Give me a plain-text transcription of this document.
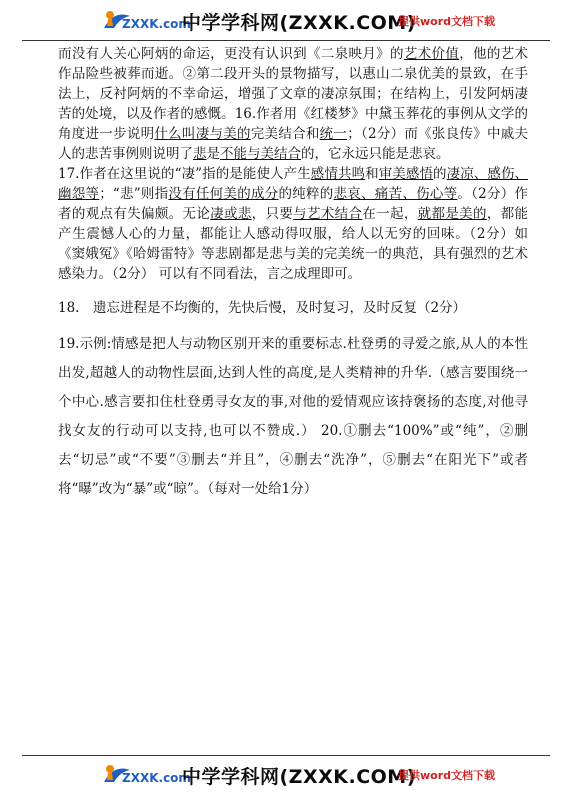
ZXXK.com
中学学科网(ZXXK.COM)
提供word文档下载

而没有人关心阿炳的命运，更没有认识到《二泉映月》的艺术价值，他的艺术作品险些被葬而逝。②第二段开头的景物描写，以惠山二泉优美的景致，在手法上，反衬阿炳的不幸命运，增强了文章的凄凉氛围；在结构上，引发阿炳凄苦的处境，以及作者的感慨。16.作者用《红楼梦》中黛玉葬花的事例从文学的角度进一步说明什么叫凄与美的完美结合和统一；（2分）而《张良传》中戚夫人的悲苦事例则说明了悲是不能与美结合的，它永远只能是悲哀。

17.作者在这里说的“凄”指的是能使人产生感情共鸣和审美感悟的凄凉、感伤、幽怨等；“悲”则指没有任何美的成分的纯粹的悲哀、痛苦、伤心等。（2分）作者的观点有失偏颇。无论凄或悲，只要与艺术结合在一起，就都是美的，都能产生震憾人心的力量，都能让人感动得叹服，给人以无穷的回味。（2分）如《窦娥冤》《哈姆雷特》等悲剧都是悲与美的完美统一的典范，具有强烈的艺术感染力。（2分） 可以有不同看法，言之成理即可。

18.　遗忘进程是不均衡的，先快后慢，及时复习，及时反复（2分）

19.示例:情感是把人与动物区别开来的重要标志.杜登勇的寻爱之旅,从人的本性出发,超越人的动物性层面,达到人性的高度,是人类精神的升华.（感言要围绕一个中心.感言要扣住杜登勇寻女友的事,对他的爱情观应该持褒扬的态度,对他寻找女友的行动可以支持,也可以不赞成.） 20.①删去“100%”或“纯”，②删去“切忌”或“不要”③删去“并且”，④删去“洗净”，⑤删去“在阳光下”或者将“曝”改为“暴”或“晾”。（每对一处给1分）

ZXXK.com
中学学科网(ZXXK.COM)
提供word文档下载
